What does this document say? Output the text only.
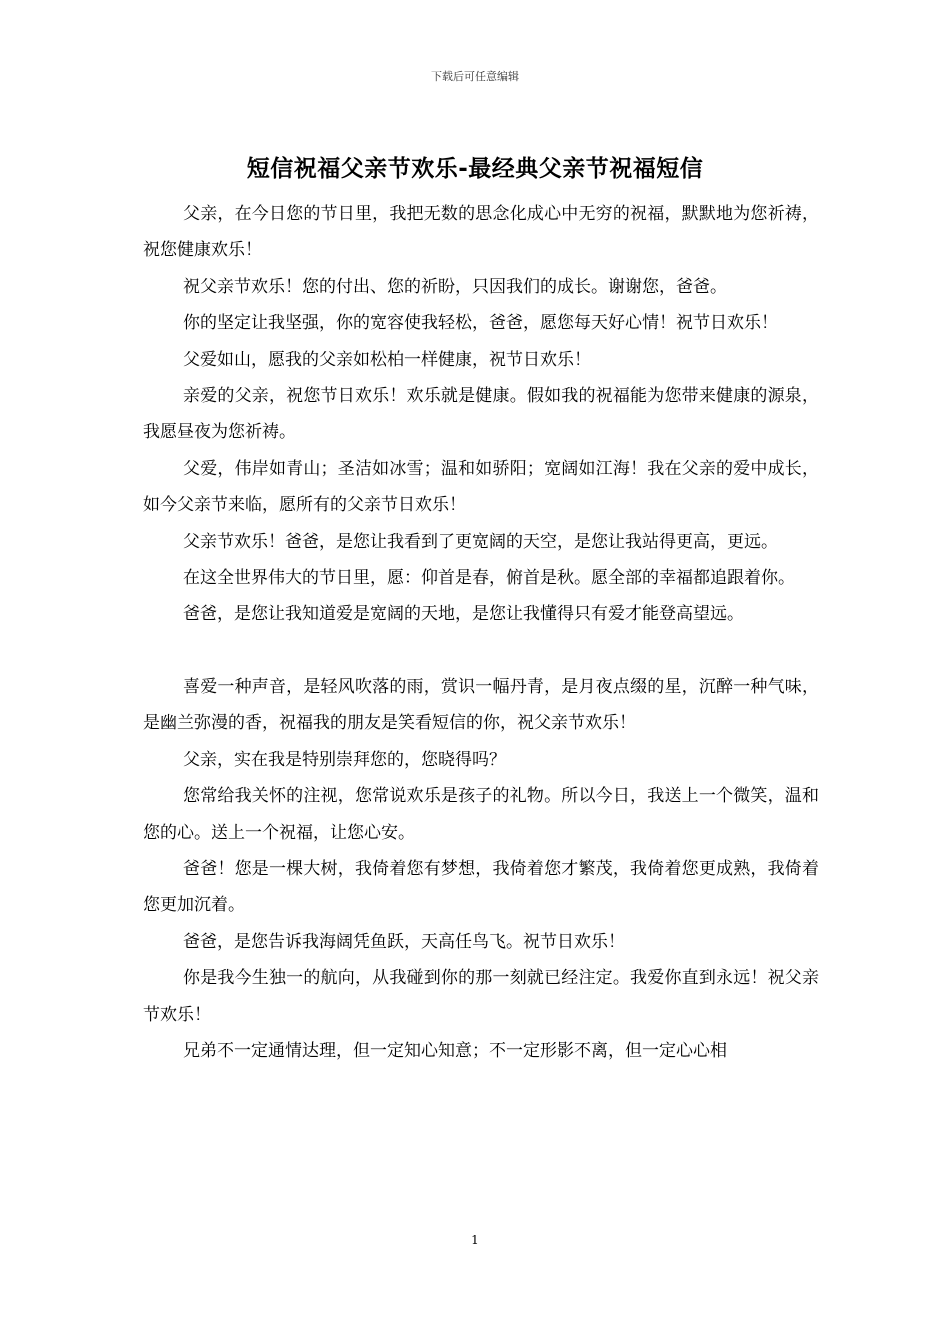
下载后可任意编辑
短信祝福父亲节欢乐-最经典父亲节祝福短信

父亲，在今日您的节日里，我把无数的思念化成心中无穷的祝福，默默地为您祈祷，祝您健康欢乐！

祝父亲节欢乐！您的付出、您的祈盼，只因我们的成长。谢谢您，爸爸。

你的坚定让我坚强，你的宽容使我轻松，爸爸，愿您每天好心情！祝节日欢乐！

父爱如山，愿我的父亲如松柏一样健康，祝节日欢乐！

亲爱的父亲，祝您节日欢乐！欢乐就是健康。假如我的祝福能为您带来健康的源泉，我愿昼夜为您祈祷。

父爱，伟岸如青山；圣洁如冰雪；温和如骄阳；宽阔如江海！我在父亲的爱中成长，如今父亲节来临，愿所有的父亲节日欢乐！

父亲节欢乐！爸爸，是您让我看到了更宽阔的天空，是您让我站得更高，更远。

在这全世界伟大的节日里，愿：仰首是春，俯首是秋。愿全部的幸福都追跟着你。

爸爸，是您让我知道爱是宽阔的天地，是您让我懂得只有爱才能登高望远。

喜爱一种声音，是轻风吹落的雨，赏识一幅丹青，是月夜点缀的星，沉醉一种气味，是幽兰弥漫的香，祝福我的朋友是笑看短信的你，祝父亲节欢乐！

父亲，实在我是特别崇拜您的，您晓得吗？

您常给我关怀的注视，您常说欢乐是孩子的礼物。所以今日，我送上一个微笑，温和您的心。送上一个祝福，让您心安。

爸爸！您是一棵大树，我倚着您有梦想，我倚着您才繁茂，我倚着您更成熟，我倚着您更加沉着。

爸爸，是您告诉我海阔凭鱼跃，天高任鸟飞。祝节日欢乐！

你是我今生独一的航向，从我碰到你的那一刻就已经注定。我爱你直到永远！祝父亲节欢乐！

兄弟不一定通情达理，但一定知心知意；不一定形影不离，但一定心心相

1
